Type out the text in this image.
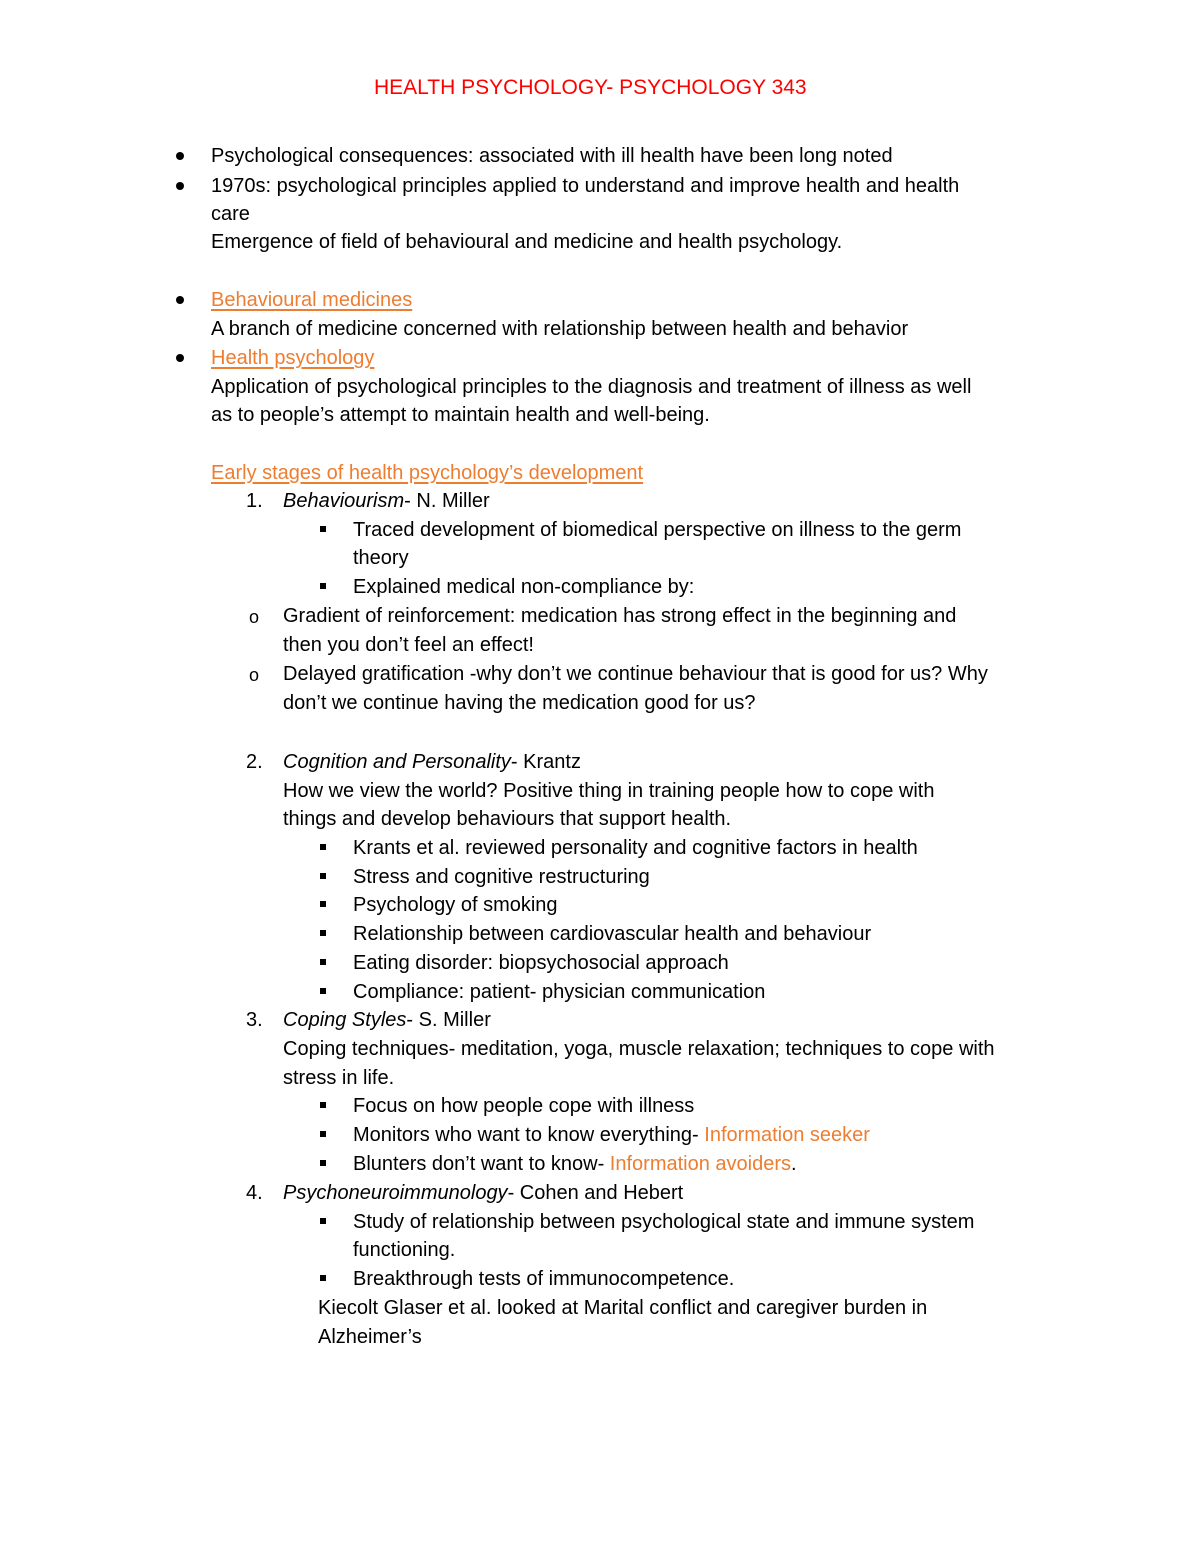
HEALTH PSYCHOLOGY- PSYCHOLOGY 343
Psychological consequences: associated with ill health have been long noted
1970s: psychological principles applied to understand and improve health and health
care
Emergence of field of behavioural and medicine and health psychology.
Behavioural medicines
A branch of medicine concerned with relationship between health and behavior
Health psychology
Application of psychological principles to the diagnosis and treatment of illness as well
as to people’s attempt to maintain health and well-being.
Early stages of health psychology’s development
1. Behaviourism- N. Miller
Traced development of biomedical perspective on illness to the germ
theory
Explained medical non-compliance by:
o Gradient of reinforcement: medication has strong effect in the beginning and
then you don’t feel an effect!
o Delayed gratification -why don’t we continue behaviour that is good for us? Why
don’t we continue having the medication good for us?
2. Cognition and Personality- Krantz
How we view the world? Positive thing in training people how to cope with
things and develop behaviours that support health.
Krants et al. reviewed personality and cognitive factors in health
Stress and cognitive restructuring
Psychology of smoking
Relationship between cardiovascular health and behaviour
Eating disorder: biopsychosocial approach
Compliance: patient- physician communication
3. Coping Styles- S. Miller
Coping techniques- meditation, yoga, muscle relaxation; techniques to cope with
stress in life.
Focus on how people cope with illness
Monitors who want to know everything- Information seeker
Blunters don’t want to know- Information avoiders.
4. Psychoneuroimmunology- Cohen and Hebert
Study of relationship between psychological state and immune system
functioning.
Breakthrough tests of immunocompetence.
Kiecolt Glaser et al. looked at Marital conflict and caregiver burden in
Alzheimer’s
